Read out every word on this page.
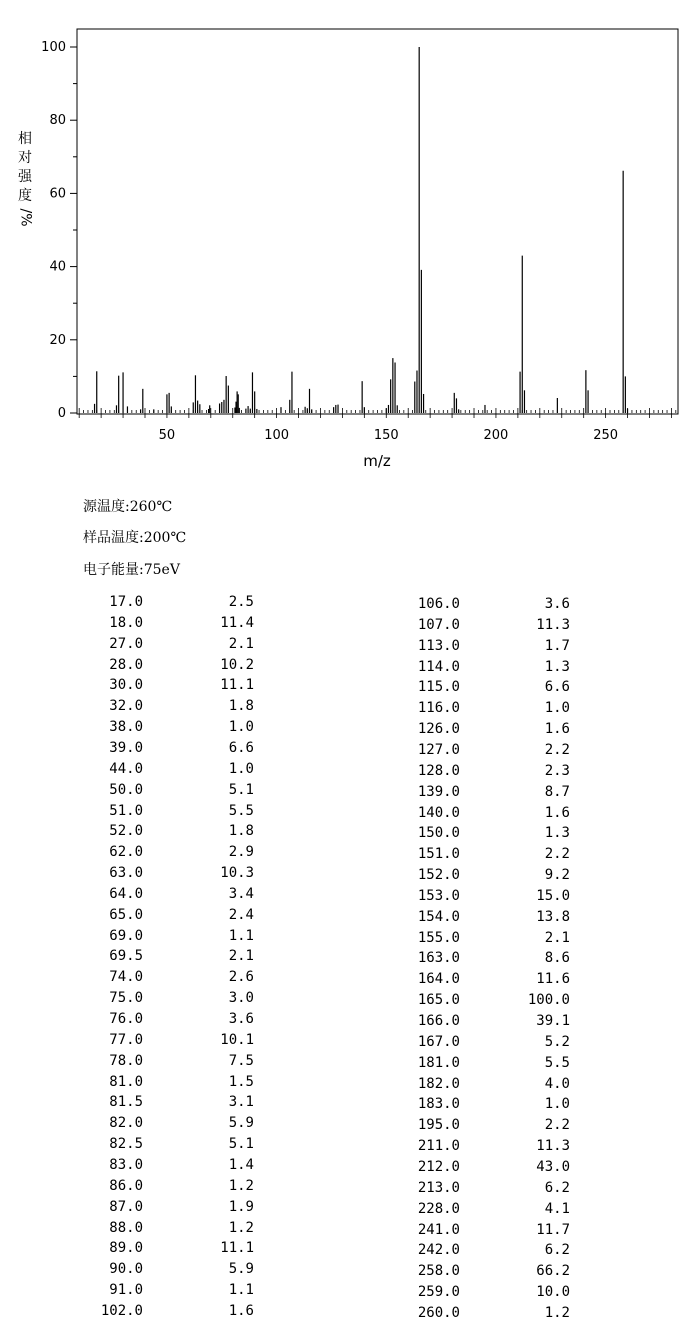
0
20
40
60
80
100
50	100	150	200	250
m/z
相
对
强
度
/%
源温度:260℃
样品温度:200℃
电子能量:75eV
17.0	2.5
18.0	11.4
27.0	2.1
28.0	10.2
30.0	11.1
32.0	1.8
38.0	1.0
39.0	6.6
44.0	1.0
50.0	5.1
51.0	5.5
52.0	1.8
62.0	2.9
63.0	10.3
64.0	3.4
65.0	2.4
69.0	1.1
69.5	2.1
74.0	2.6
75.0	3.0
76.0	3.6
77.0	10.1
78.0	7.5
81.0	1.5
81.5	3.1
82.0	5.9
82.5	5.1
83.0	1.4
86.0	1.2
87.0	1.9
88.0	1.2
89.0	11.1
90.0	5.9
91.0	1.1
102.0	1.6
106.0	3.6
107.0	11.3
113.0	1.7
114.0	1.3
115.0	6.6
116.0	1.0
126.0	1.6
127.0	2.2
128.0	2.3
139.0	8.7
140.0	1.6
150.0	1.3
151.0	2.2
152.0	9.2
153.0	15.0
154.0	13.8
155.0	2.1
163.0	8.6
164.0	11.6
165.0	100.0
166.0	39.1
167.0	5.2
181.0	5.5
182.0	4.0
183.0	1.0
195.0	2.2
211.0	11.3
212.0	43.0
213.0	6.2
228.0	4.1
241.0	11.7
242.0	6.2
258.0	66.2
259.0	10.0
260.0	1.2
